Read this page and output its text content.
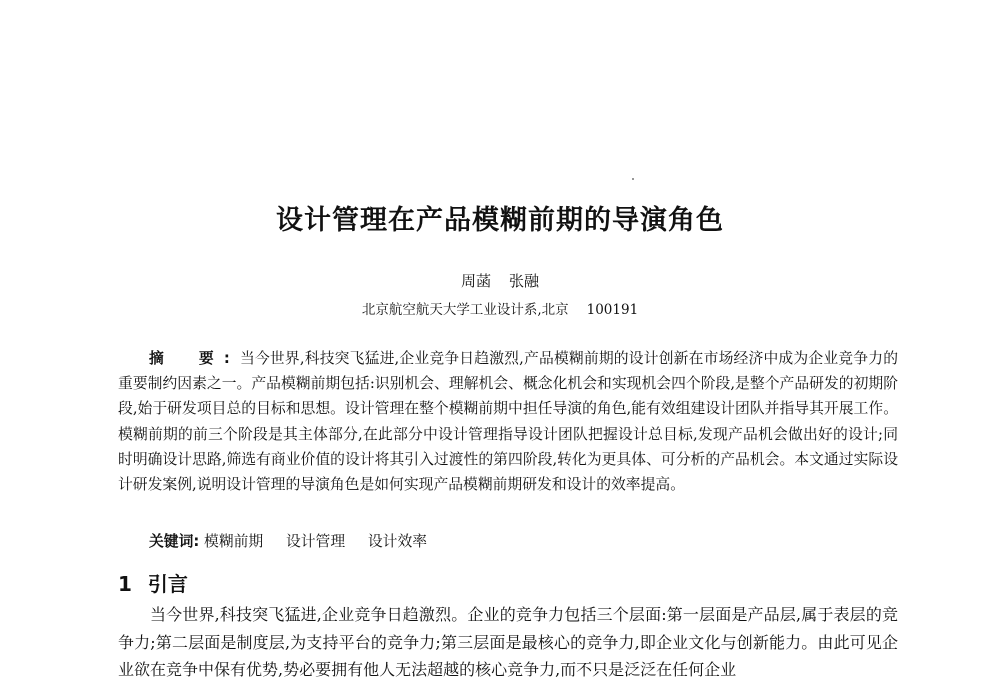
设计管理在产品模糊前期的导演角色
周菡 张融
北京航空航天大学工业设计系,北京 100191
摘　要:当今世界,科技突飞猛进,企业竞争日趋激烈,产品模糊前期的设计创新在市场经济中成为企业竞争力的重要制约因素之一。产品模糊前期包括:识别机会、理解机会、概念化机会和实现机会四个阶段,是整个产品研发的初期阶段,始于研发项目总的目标和思想。设计管理在整个模糊前期中担任导演的角色,能有效组建设计团队并指导其开展工作。模糊前期的前三个阶段是其主体部分,在此部分中设计管理指导设计团队把握设计总目标,发现产品机会做出好的设计;同时明确设计思路,筛选有商业价值的设计将其引入过渡性的第四阶段,转化为更具体、可分析的产品机会。本文通过实际设计研发案例,说明设计管理的导演角色是如何实现产品模糊前期研发和设计的效率提高。
关键词: 模糊前期 设计管理 设计效率
1 引言
当今世界,科技突飞猛进,企业竞争日趋激烈。企业的竞争力包括三个层面:第一层面是产品层,属于表层的竞争力;第二层面是制度层,为支持平台的竞争力;第三层面是最核心的竞争力,即企业文化与创新能力。由此可见企业欲在竞争中保有优势,势必要拥有他人无法超越的核心竞争力,而不只是泛泛在任何企业
